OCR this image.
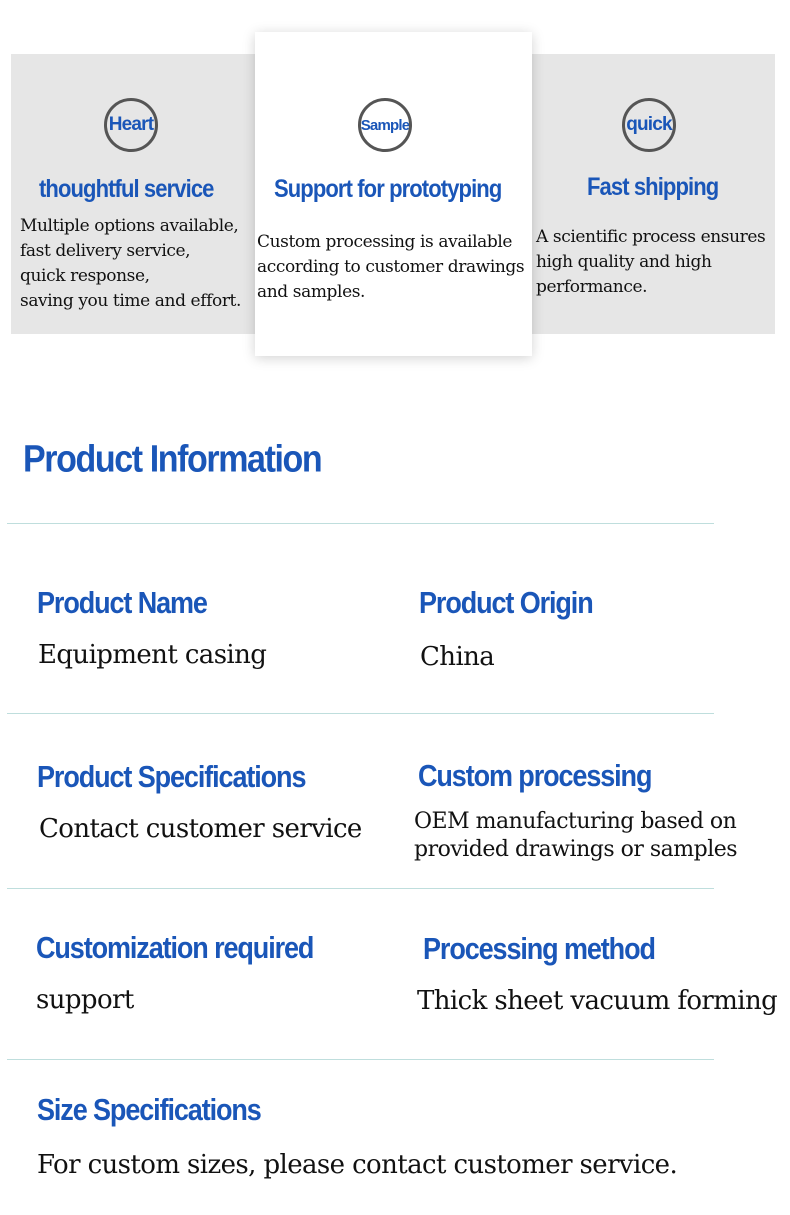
Heart
thoughtful service
Multiple options available,
fast delivery service,
quick response,
saving you time and effort.
Sample
Support for prototyping
Custom processing is available
according to customer drawings
and samples.
quick
Fast shipping
A scientific process ensures
high quality and high
performance.
Product Information
Product Name
Equipment casing
Product Origin
China
Product Specifications
Contact customer service
Custom processing
OEM manufacturing based on
provided drawings or samples
Customization required
support
Processing method
Thick sheet vacuum forming
Size Specifications
For custom sizes, please contact customer service.
